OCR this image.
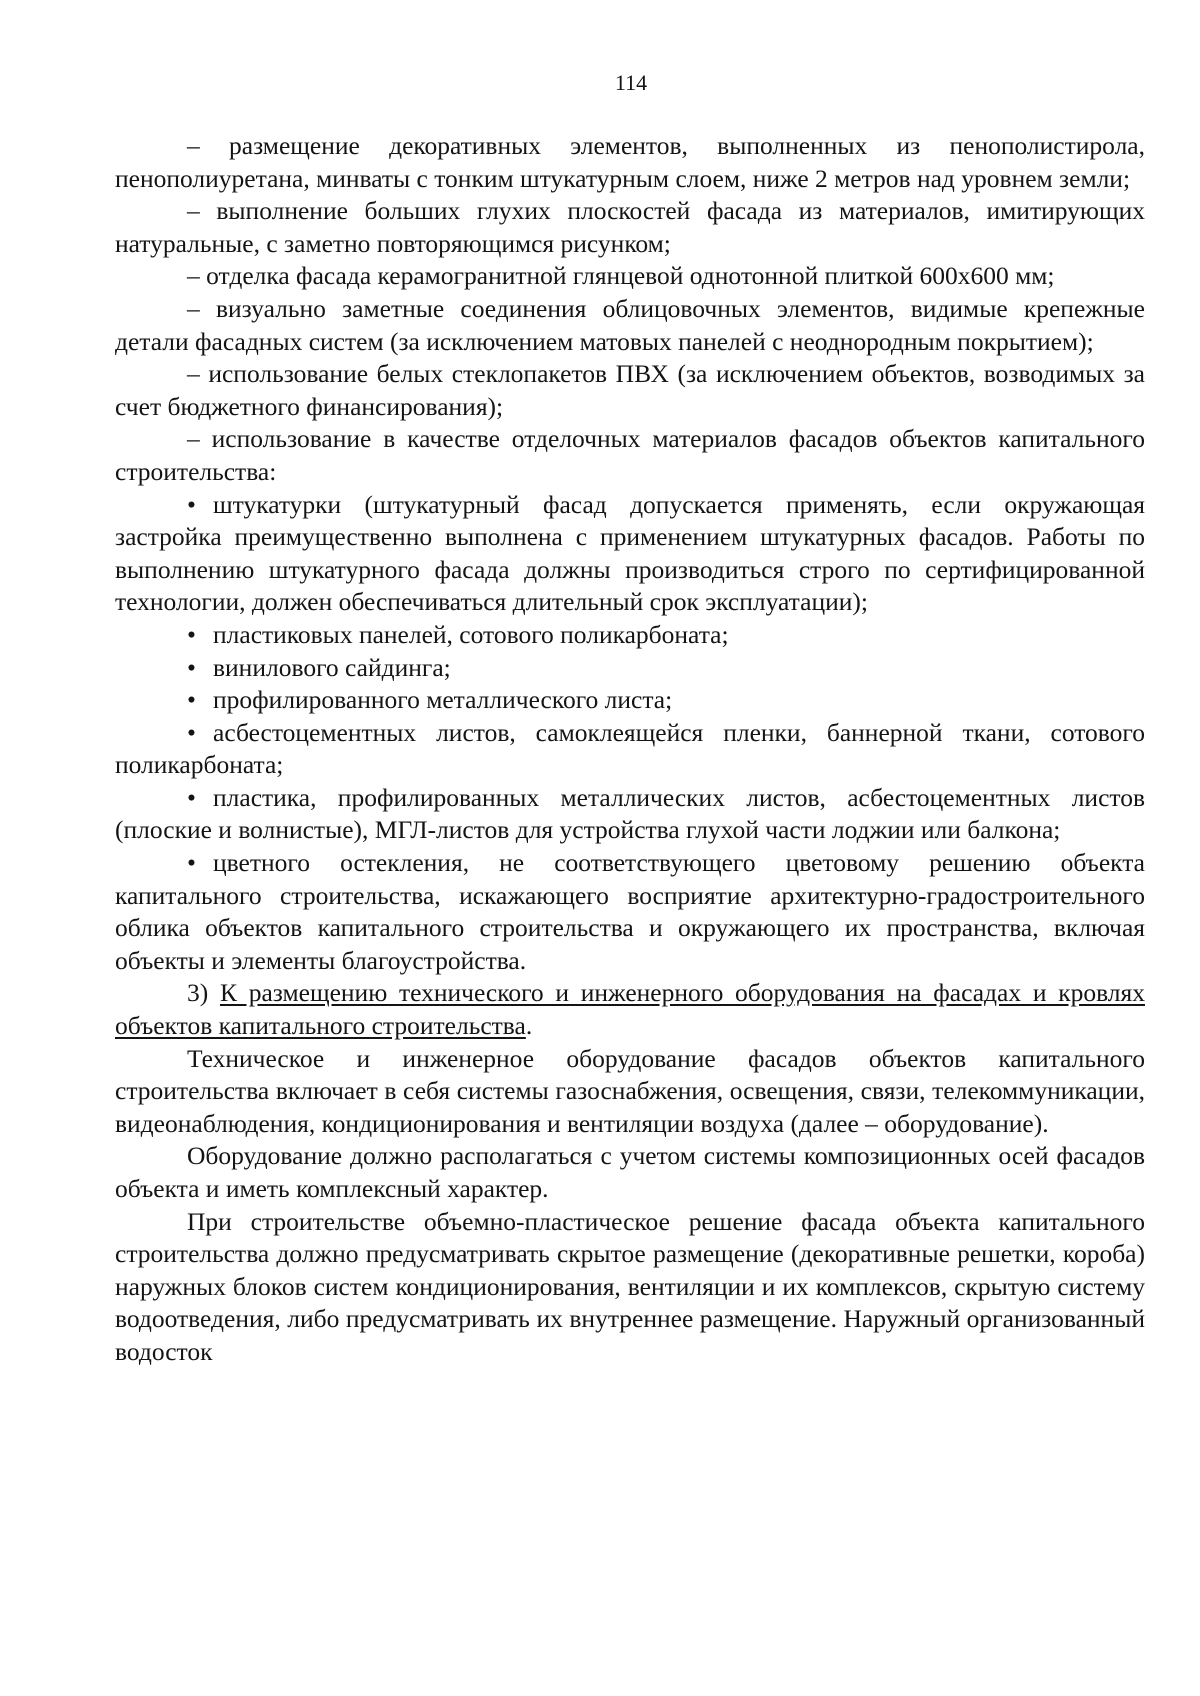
114

– размещение декоративных элементов, выполненных из пенополистирола, пенополиуретана, минваты с тонким штукатурным слоем, ниже 2 метров над уровнем земли;

– выполнение больших глухих плоскостей фасада из материалов, имитирующих натуральные, с заметно повторяющимся рисунком;

– отделка фасада керамогранитной глянцевой однотонной плиткой 600x600 мм;

– визуально заметные соединения облицовочных элементов, видимые крепежные детали фасадных систем (за исключением матовых панелей с неоднородным покрытием);

– использование белых стеклопакетов ПВХ (за исключением объектов, возводимых за счет бюджетного финансирования);

– использование в качестве отделочных материалов фасадов объектов капитального строительства:

• штукатурки (штукатурный фасад допускается применять, если окружающая застройка преимущественно выполнена с применением штукатурных фасадов. Работы по выполнению штукатурного фасада должны производиться строго по сертифицированной технологии, должен обеспечиваться длительный срок эксплуатации);

• пластиковых панелей, сотового поликарбоната;

• винилового сайдинга;

• профилированного металлического листа;

• асбестоцементных листов, самоклеящейся пленки, баннерной ткани, сотового поликарбоната;

• пластика, профилированных металлических листов, асбестоцементных листов (плоские и волнистые), МГЛ-листов для устройства глухой части лоджии или балкона;

• цветного остекления, не соответствующего цветовому решению объекта капитального строительства, искажающего восприятие архитектурно-градостроительного облика объектов капитального строительства и окружающего их пространства, включая объекты и элементы благоустройства.

3) К размещению технического и инженерного оборудования на фасадах и кровлях объектов капитального строительства.

Техническое и инженерное оборудование фасадов объектов капитального строительства включает в себя системы газоснабжения, освещения, связи, телекоммуникации, видеонаблюдения, кондиционирования и вентиляции воздуха (далее – оборудование).

Оборудование должно располагаться с учетом системы композиционных осей фасадов объекта и иметь комплексный характер.

При строительстве объемно-пластическое решение фасада объекта капитального строительства должно предусматривать скрытое размещение (декоративные решетки, короба) наружных блоков систем кондиционирования, вентиляции и их комплексов, скрытую систему водоотведения, либо предусматривать их внутреннее размещение. Наружный организованный водосток
